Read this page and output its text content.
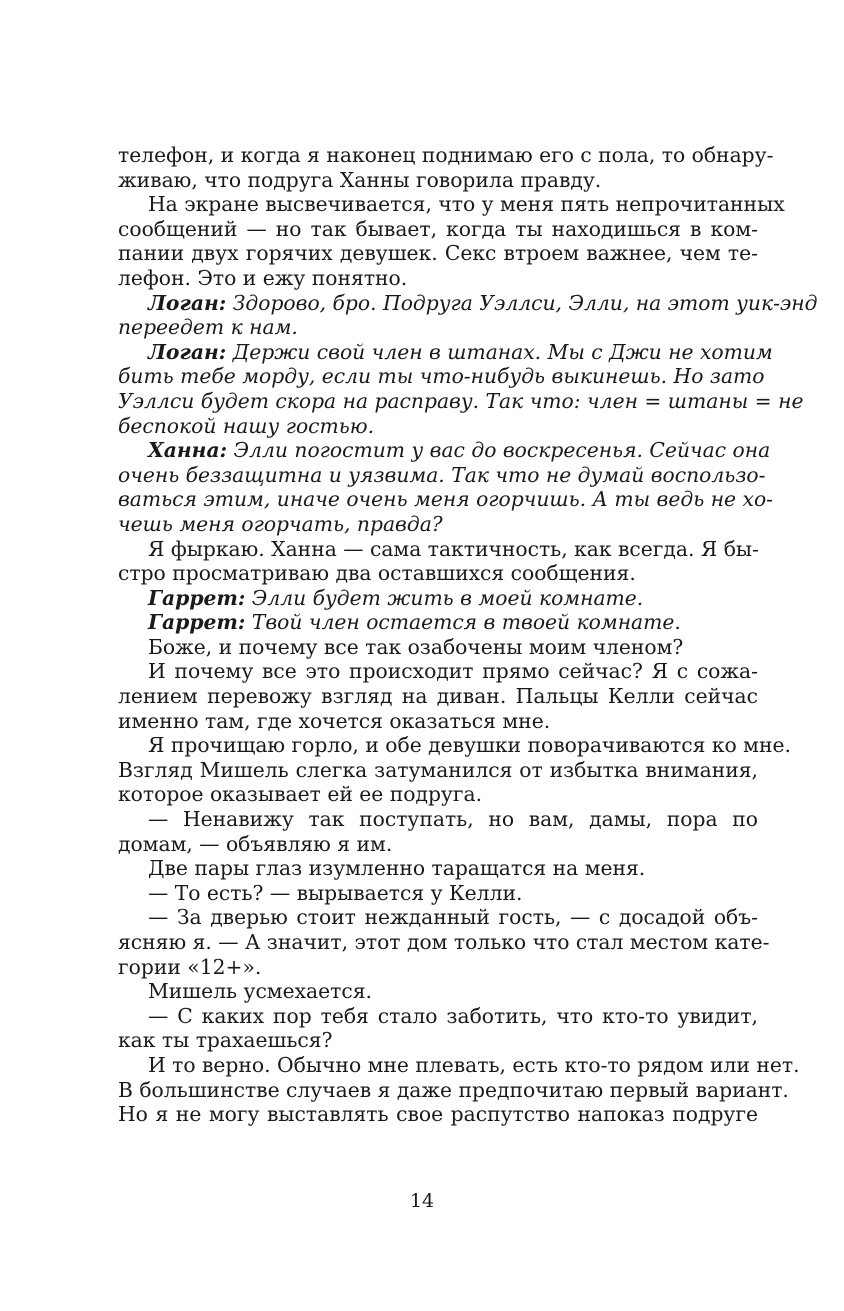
телефон, и когда я наконец поднимаю его с пола, то обнару-
живаю, что подруга Ханны говорила правду.
На экране высвечивается, что у меня пять непрочитанных
сообщений — но так бывает, когда ты находишься в ком-
пании двух горячих девушек. Секс втроем важнее, чем те-
лефон. Это и ежу понятно.
Логан: Здорово, бро. Подруга Уэллси, Элли, на этот уик-энд
переедет к нам.
Логан: Держи свой член в штанах. Мы с Джи не хотим
бить тебе морду, если ты что-нибудь выкинешь. Но зато
Уэллси будет скора на расправу. Так что: член = штаны = не
беспокой нашу гостью.
Ханна: Элли погостит у вас до воскресенья. Сейчас она
очень беззащитна и уязвима. Так что не думай воспользо-
ваться этим, иначе очень меня огорчишь. А ты ведь не хо-
чешь меня огорчать, правда?
Я фыркаю. Ханна — сама тактичность, как всегда. Я бы-
стро просматриваю два оставшихся сообщения.
Гаррет: Элли будет жить в моей комнате.
Гаррет: Твой член остается в твоей комнате.
Боже, и почему все так озабочены моим членом?
И почему все это происходит прямо сейчас? Я с сожа-
лением перевожу взгляд на диван. Пальцы Келли сейчас
именно там, где хочется оказаться мне.
Я прочищаю горло, и обе девушки поворачиваются ко мне.
Взгляд Мишель слегка затуманился от избытка внимания,
которое оказывает ей ее подруга.
— Ненавижу так поступать, но вам, дамы, пора по
домам, — объявляю я им.
Две пары глаз изумленно таращатся на меня.
— То есть? — вырывается у Келли.
— За дверью стоит нежданный гость, — с досадой объ-
ясняю я. — А значит, этот дом только что стал местом кате-
гории «12+».
Мишель усмехается.
— С каких пор тебя стало заботить, что кто-то увидит,
как ты трахаешься?
И то верно. Обычно мне плевать, есть кто-то рядом или нет.
В большинстве случаев я даже предпочитаю первый вариант.
Но я не могу выставлять свое распутство напоказ подруге
14
